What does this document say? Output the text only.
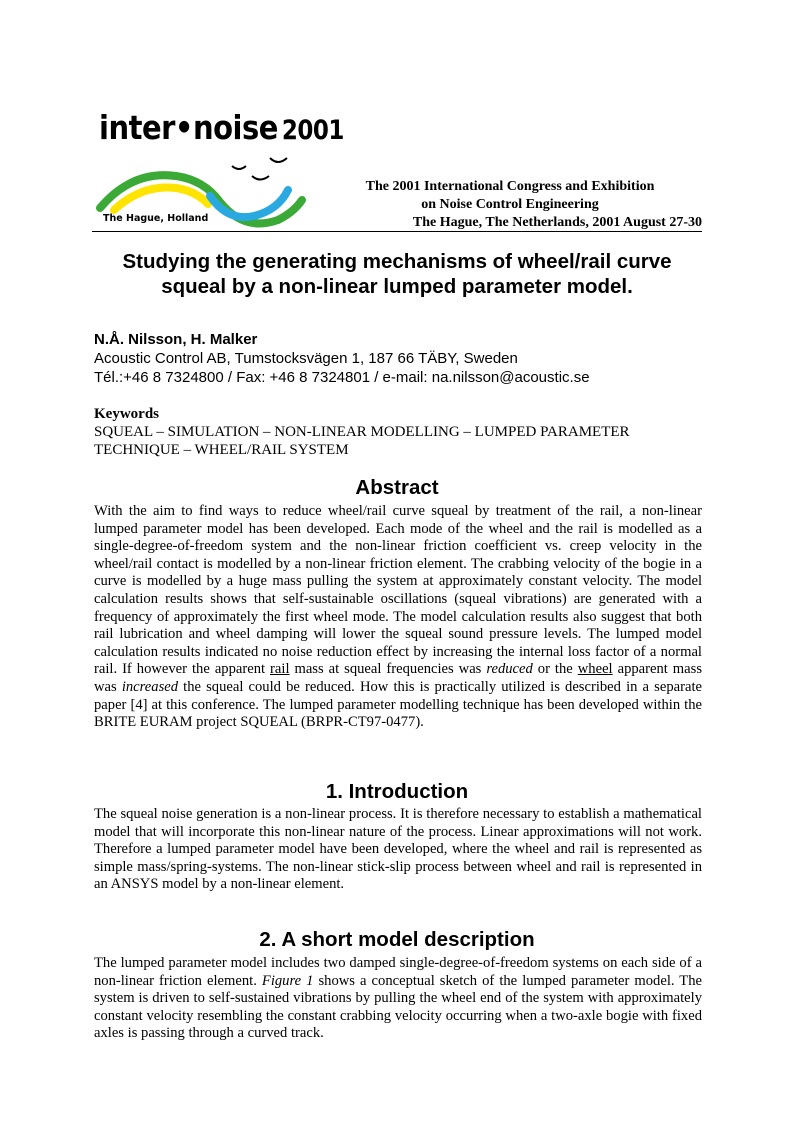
inter•noise 2001
The Hague, Holland
The 2001 International Congress and Exhibition
on Noise Control Engineering
The Hague, The Netherlands, 2001 August 27-30
Studying the generating mechanisms of wheel/rail curve
squeal by a non-linear lumped parameter model.
N.Å. Nilsson, H. Malker
Acoustic Control AB, Tumstocksvägen 1, 187 66 TÄBY, Sweden
Tél.:+46 8 7324800 / Fax: +46 8 7324801 / e-mail: na.nilsson@acoustic.se
Keywords
SQUEAL – SIMULATION – NON-LINEAR MODELLING – LUMPED PARAMETER
TECHNIQUE – WHEEL/RAIL SYSTEM
Abstract
With the aim to find ways to reduce wheel/rail curve squeal by treatment of the rail, a non-linear lumped parameter model has been developed. Each mode of the wheel and the rail is modelled as a single-degree-of-freedom system and the non-linear friction coefficient vs. creep velocity in the wheel/rail contact is modelled by a non-linear friction element. The crabbing velocity of the bogie in a curve is modelled by a huge mass pulling the system at approximately constant velocity. The model calculation results shows that self-sustainable oscillations (squeal vibrations) are generated with a frequency of approximately the first wheel mode. The model calculation results also suggest that both rail lubrication and wheel damping will lower the squeal sound pressure levels. The lumped model calculation results indicated no noise reduction effect by increasing the internal loss factor of a normal rail. If however the apparent rail mass at squeal frequencies was reduced or the wheel apparent mass was increased the squeal could be reduced. How this is practically utilized is described in a separate paper [4] at this conference. The lumped parameter modelling technique has been developed within the BRITE EURAM project SQUEAL (BRPR-CT97-0477).
1. Introduction
The squeal noise generation is a non-linear process. It is therefore necessary to establish a mathematical model that will incorporate this non-linear nature of the process. Linear approximations will not work. Therefore a lumped parameter model have been developed, where the wheel and rail is represented as simple mass/spring-systems. The non-linear stick-slip process between wheel and rail is represented in an ANSYS model by a non-linear element.
2. A short model description
The lumped parameter model includes two damped single-degree-of-freedom systems on each side of a non-linear friction element. Figure 1 shows a conceptual sketch of the lumped parameter model. The system is driven to self-sustained vibrations by pulling the wheel end of the system with approximately constant velocity resembling the constant crabbing velocity occurring when a two-axle bogie with fixed axles is passing through a curved track.
